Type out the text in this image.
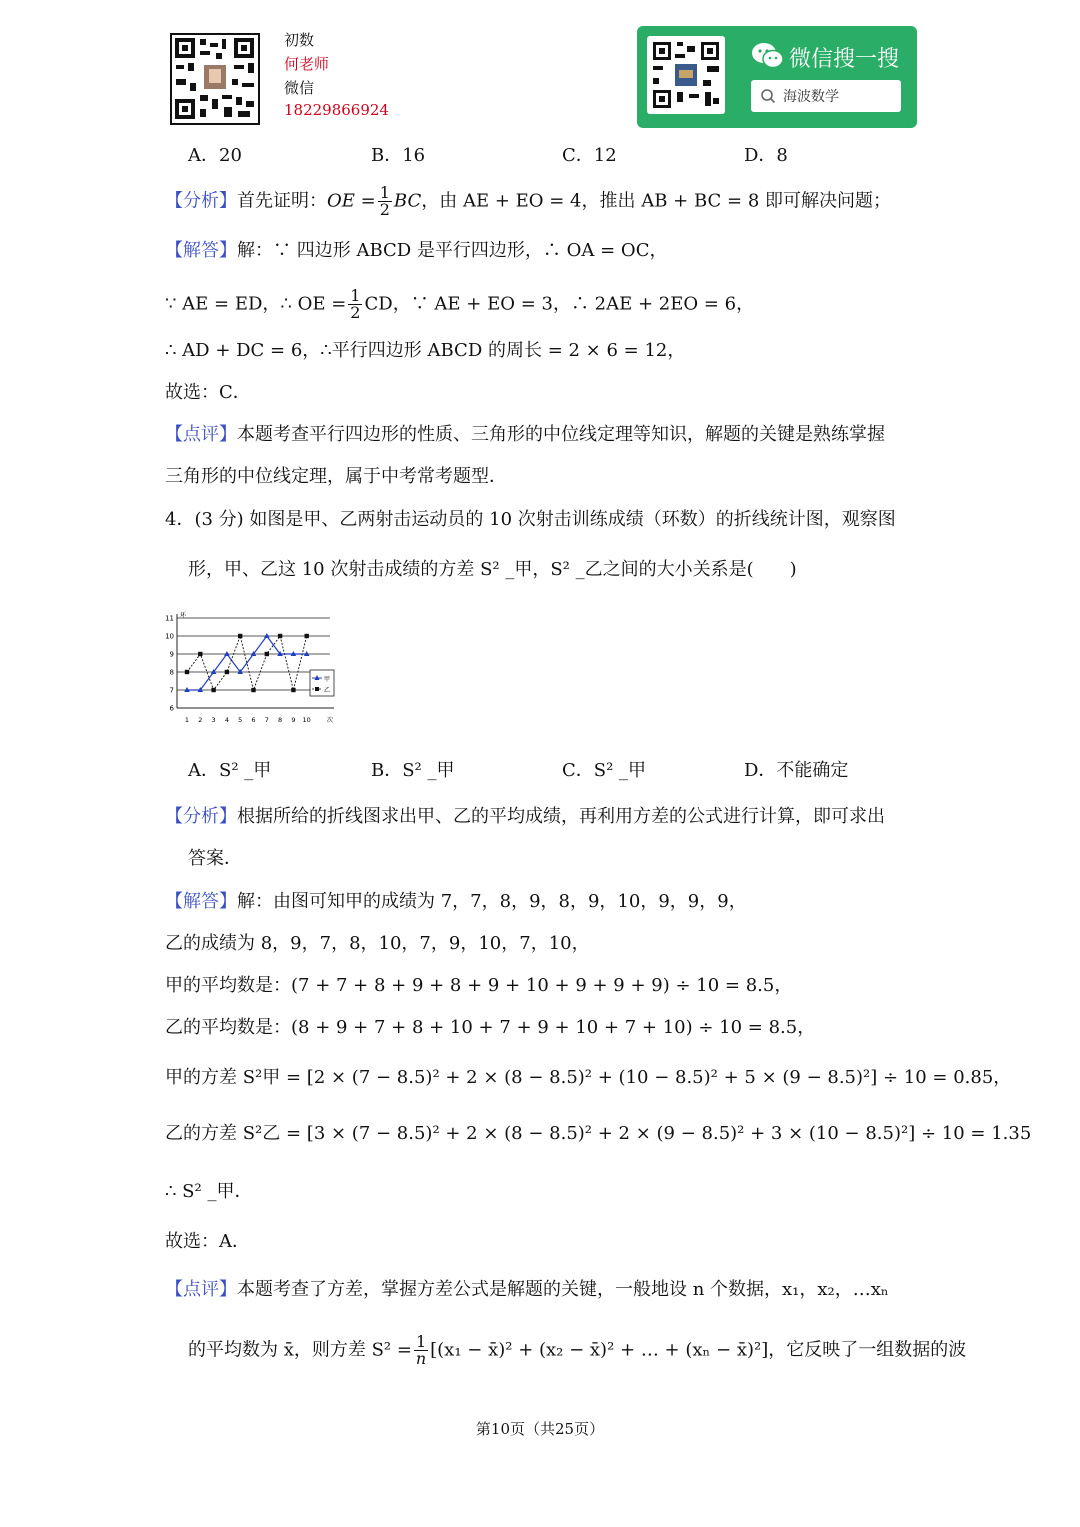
初数
何老师
微信
18229866924
微信搜一搜
海波数学
A．20	B．16	C．12	D．8
【分析】首先证明：OE = $\frac{1}{2}$ BC，由 AE + EO = 4，推出 AB + BC = 8 即可解决问题；
【解答】解：∵ 四边形 ABCD 是平行四边形，∴ OA = OC，
∵ AE = ED，∴ OE = $\frac{1}{2}$ CD，∵ AE + EO = 3，∴ 2AE + 2EO = 6，
∴ AD + DC = 6，∴平行四边形 ABCD 的周长 = 2 × 6 = 12，
故选：C．
【点评】本题考查平行四边形的性质、三角形的中位线定理等知识，解题的关键是熟练掌握
三角形的中位线定理，属于中考常考题型．
4．(3 分) 如图是甲、乙两射击运动员的 10 次射击训练成绩（环数）的折线统计图，观察图
形，甲、乙这 10 次射击成绩的方差 S² _甲，S² _乙之间的大小关系是(　　)
6
7
8
9
10
11
1 2 3 4 5 6 7 8 9 10
环
次
甲
乙
A．S² _甲	B．S² _甲	C．S² _甲	D．不能确定
【分析】根据所给的折线图求出甲、乙的平均成绩，再利用方差的公式进行计算，即可求出
答案．
【解答】解：由图可知甲的成绩为 7，7，8，9，8，9，10，9，9，9，
乙的成绩为 8，9，7，8，10，7，9，10，7，10，
甲的平均数是：(7 + 7 + 8 + 9 + 8 + 9 + 10 + 9 + 9 + 9) ÷ 10 = 8.5，
乙的平均数是：(8 + 9 + 7 + 8 + 10 + 7 + 9 + 10 + 7 + 10) ÷ 10 = 8.5，
甲的方差 S²甲 = [2 × (7 − 8.5)² + 2 × (8 − 8.5)² + (10 − 8.5)² + 5 × (9 − 8.5)²] ÷ 10 = 0.85，
乙的方差 S²乙 = [3 × (7 − 8.5)² + 2 × (8 − 8.5)² + 2 × (9 − 8.5)² + 3 × (10 − 8.5)²] ÷ 10 = 1.35
∴ S² _甲．
故选：A．
【点评】本题考查了方差，掌握方差公式是解题的关键，一般地设 n 个数据，x₁，x₂，…xₙ
的平均数为 x̄，则方差 $S^2 = \frac{1}{n} [(x_1$ − x̄)² + (x₂ − x̄)² + … + (xₙ − x̄)²]，它反映了一组数据的波
第10页（共25页）
